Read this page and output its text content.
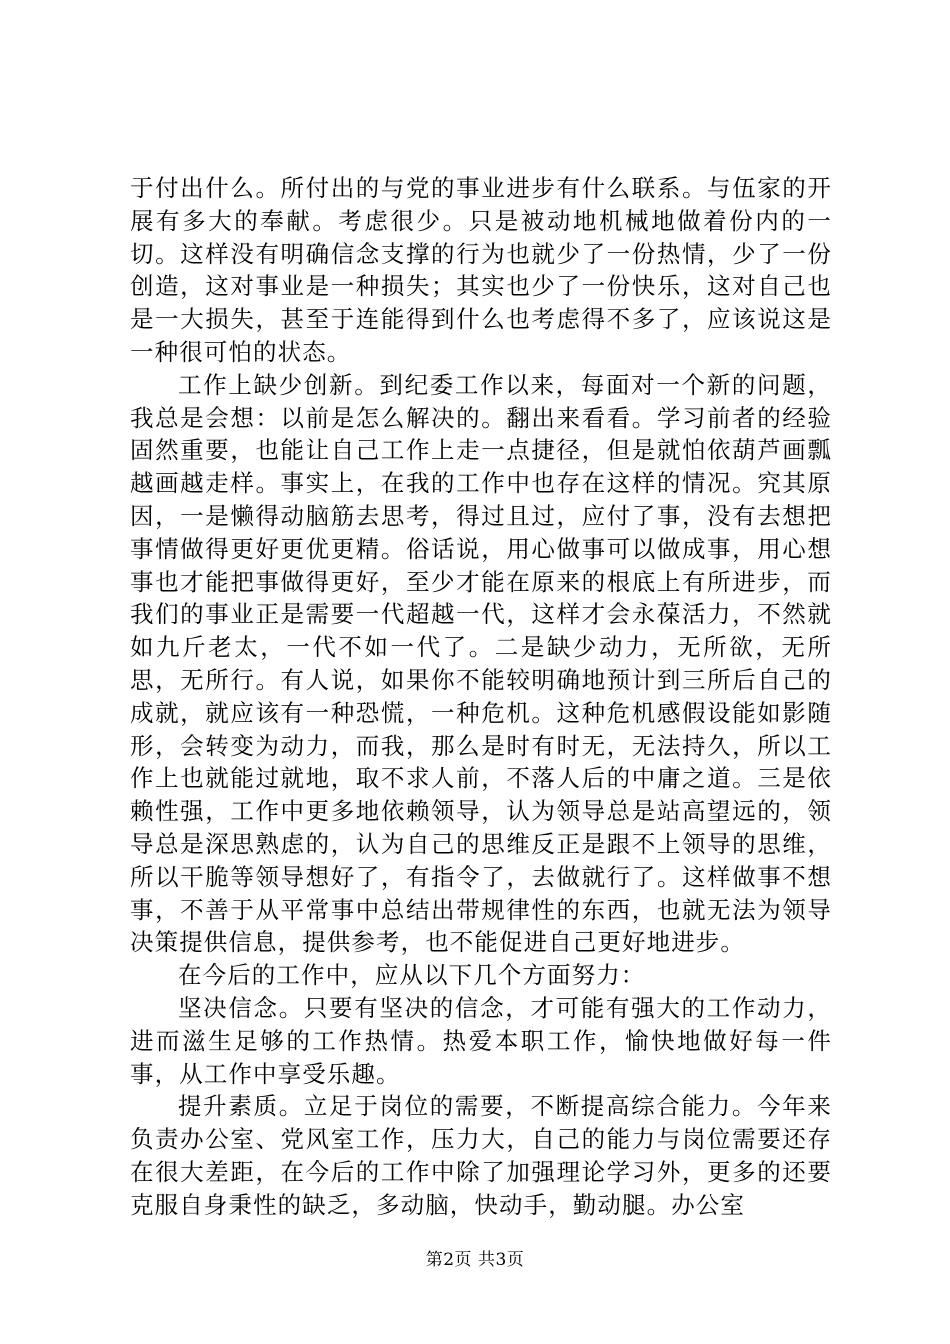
于付出什么。所付出的与党的事业进步有什么联系。与伍家的开展有多大的奉献。考虑很少。只是被动地机械地做着份内的一切。这样没有明确信念支撑的行为也就少了一份热情，少了一份创造，这对事业是一种损失；其实也少了一份快乐，这对自己也是一大损失，甚至于连能得到什么也考虑得不多了，应该说这是一种很可怕的状态。

工作上缺少创新。到纪委工作以来，每面对一个新的问题，我总是会想：以前是怎么解决的。翻出来看看。学习前者的经验固然重要，也能让自己工作上走一点捷径，但是就怕依葫芦画瓢越画越走样。事实上，在我的工作中也存在这样的情况。究其原因，一是懒得动脑筋去思考，得过且过，应付了事，没有去想把事情做得更好更优更精。俗话说，用心做事可以做成事，用心想事也才能把事做得更好，至少才能在原来的根底上有所进步，而我们的事业正是需要一代超越一代，这样才会永葆活力，不然就如九斤老太，一代不如一代了。二是缺少动力，无所欲，无所思，无所行。有人说，如果你不能较明确地预计到三所后自己的成就，就应该有一种恐慌，一种危机。这种危机感假设能如影随形，会转变为动力，而我，那么是时有时无，无法持久，所以工作上也就能过就地，取不求人前，不落人后的中庸之道。三是依赖性强，工作中更多地依赖领导，认为领导总是站高望远的，领导总是深思熟虑的，认为自己的思维反正是跟不上领导的思维，所以干脆等领导想好了，有指令了，去做就行了。这样做事不想事，不善于从平常事中总结出带规律性的东西，也就无法为领导决策提供信息，提供参考，也不能促进自己更好地进步。

在今后的工作中，应从以下几个方面努力：

坚决信念。只要有坚决的信念，才可能有强大的工作动力，进而滋生足够的工作热情。热爱本职工作，愉快地做好每一件事，从工作中享受乐趣。

提升素质。立足于岗位的需要，不断提高综合能力。今年来负责办公室、党风室工作，压力大，自己的能力与岗位需要还存在很大差距，在今后的工作中除了加强理论学习外，更多的还要克服自身秉性的缺乏，多动脑，快动手，勤动腿。办公室

第2页 共3页
